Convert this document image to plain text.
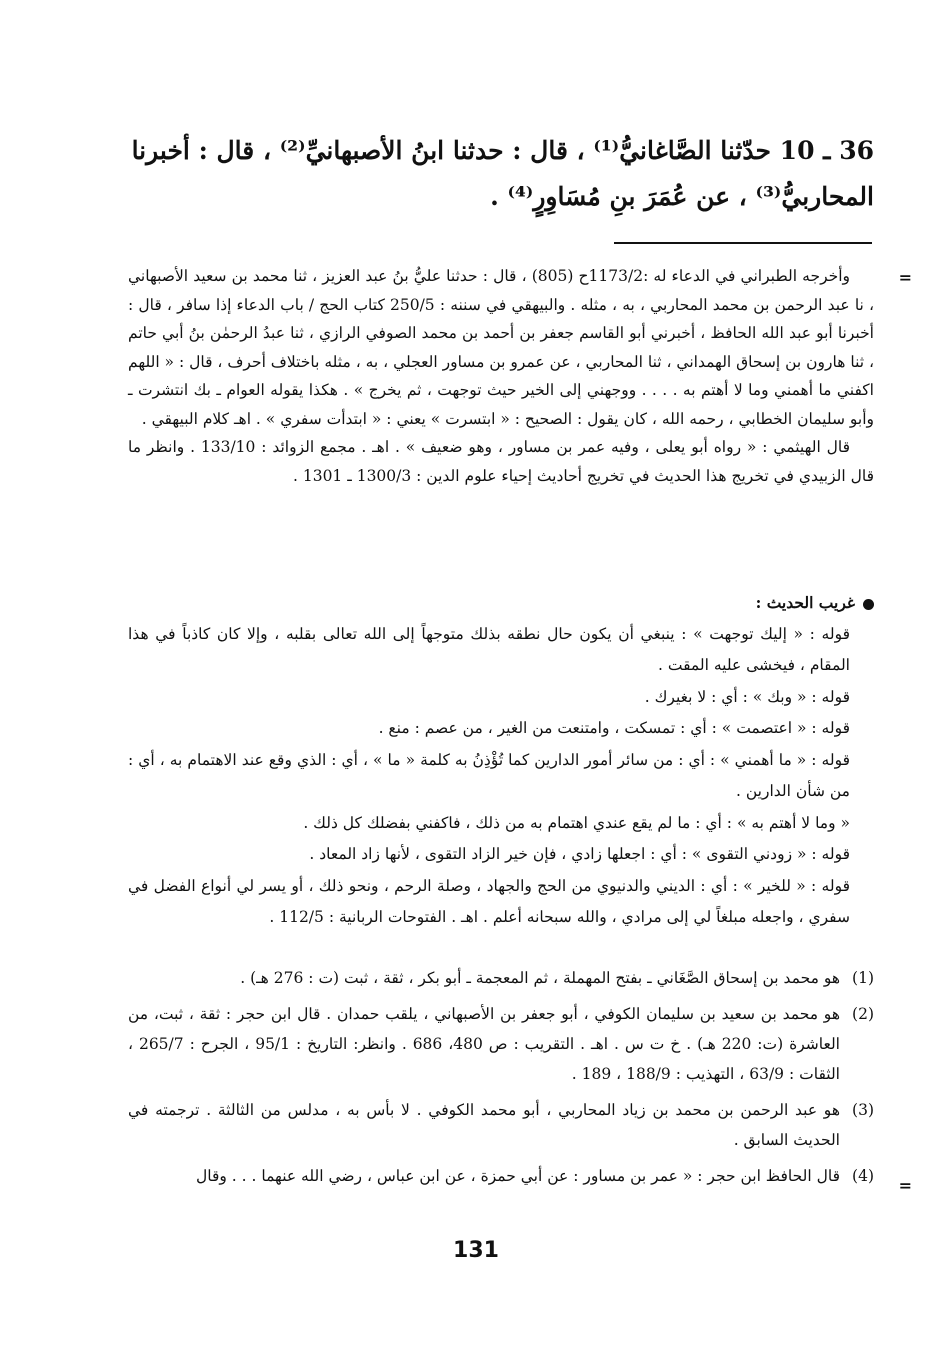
36 ـ 10 حدّثنا الصَّاغانيُّ⁽¹⁾ ، قال : حدثنا ابنُ الأصبهانيِّ⁽²⁾ ، قال : أخبرنا

المحاربيُّ⁽³⁾ ، عن عُمَرَ بنِ مُسَاوِرٍ⁽⁴⁾ .

=

وأخرجه الطبراني في الدعاء له :1173/2ح (805) ، قال : حدثنا عليُّ بنُ عبد العزيز ، ثنا محمد بن سعيد الأصبهاني ، نا عبد الرحمن بن محمد المحاربي ، به ، مثله . والبيهقي في سننه : 250/5 كتاب الحج / باب الدعاء إذا سافر ، قال : أخبرنا أبو عبد الله الحافظ ، أخبرني أبو القاسم جعفر بن أحمد بن محمد الصوفي الرازي ، ثنا عبدُ الرحمٰن بنُ أبي حاتم ، ثنا هارون بن إسحاق الهمداني ، ثنا المحاربي ، عن عمرو بن مساور العجلي ، به ، مثله باختلاف أحرف ، قال : « اللهم اكفني ما أهمني وما لا أهتم به . . . . ووجهني إلى الخير حيث توجهت ، ثم يخرج » . هكذا يقوله العوام ـ بك انتشرت ـ وأبو سليمان الخطابي ، رحمه الله ، كان يقول : الصحيح : « ابتسرت » يعني : « ابتدأت سفري » . اهـ كلام البيهقي .

قال الهيثمي : « رواه أبو يعلى ، وفيه عمر بن مساور ، وهو ضعيف » . اهـ . مجمع الزوائد : 133/10 . وانظر ما قال الزبيدي في تخريج هذا الحديث في تخريج أحاديث إحياء علوم الدين : 1300/3 ـ 1301 .

غريب الحديث :

قوله : « إليك توجهت » : ينبغي أن يكون حال نطقه بذلك متوجهاً إلى الله تعالى بقلبه ، وإلا كان كاذباً في هذا المقام ، فيخشى عليه المقت .

قوله : « وبك » : أي : لا بغيرك .

قوله : « اعتصمت » : أي : تمسكت ، وامتنعت من الغير ، من عصم : منع .

قوله : « ما أهمني » : أي : من سائر أمور الدارين كما تُؤْذِنُ به كلمة « ما » ، أي : الذي وقع عند الاهتمام به ، أي : من شأن الدارين .

« وما لا أهتم به » : أي : ما لم يقع عندي اهتمام به من ذلك ، فاكفني بفضلك كل ذلك .

قوله : « زودني التقوى » : أي : اجعلها زادي ، فإن خير الزاد التقوى ، لأنها زاد المعاد .

قوله : « للخير » : أي : الديني والدنيوي من الحج والجهاد ، وصلة الرحم ، ونحو ذلك ، أو يسر لي أنواع الفضل في سفري ، واجعله مبلغاً لي إلى مرادي ، والله سبحانه أعلم . اهـ . الفتوحات الربانية : 112/5 .

(1)
هو محمد بن إسحاق الصَّغَاني ـ بفتح المهملة ، ثم المعجمة ـ أبو بكر ، ثقة ، ثبت (ت : 276 هـ) .

(2)
هو محمد بن سعيد بن سليمان الكوفي ، أبو جعفر بن الأصبهاني ، يلقب حمدان . قال ابن حجر : ثقة ، ثبت، من العاشرة (ت: 220 هـ) . خ ت س . اهـ . التقريب : ص 480، 686 . وانظر: التاريخ : 95/1 ، الجرح : 265/7 ، الثقات : 63/9 ، التهذيب : 188/9 ، 189 .

(3)
هو عبد الرحمن بن محمد بن زياد المحاربي ، أبو محمد الكوفي . لا بأس به ، مدلس من الثالثة . ترجمته في الحديث السابق .

(4)
قال الحافظ ابن حجر : « عمر بن مساور : عن أبي حمزة ، عن ابن عباس ، رضي الله عنهما . . . وقال	=
131
